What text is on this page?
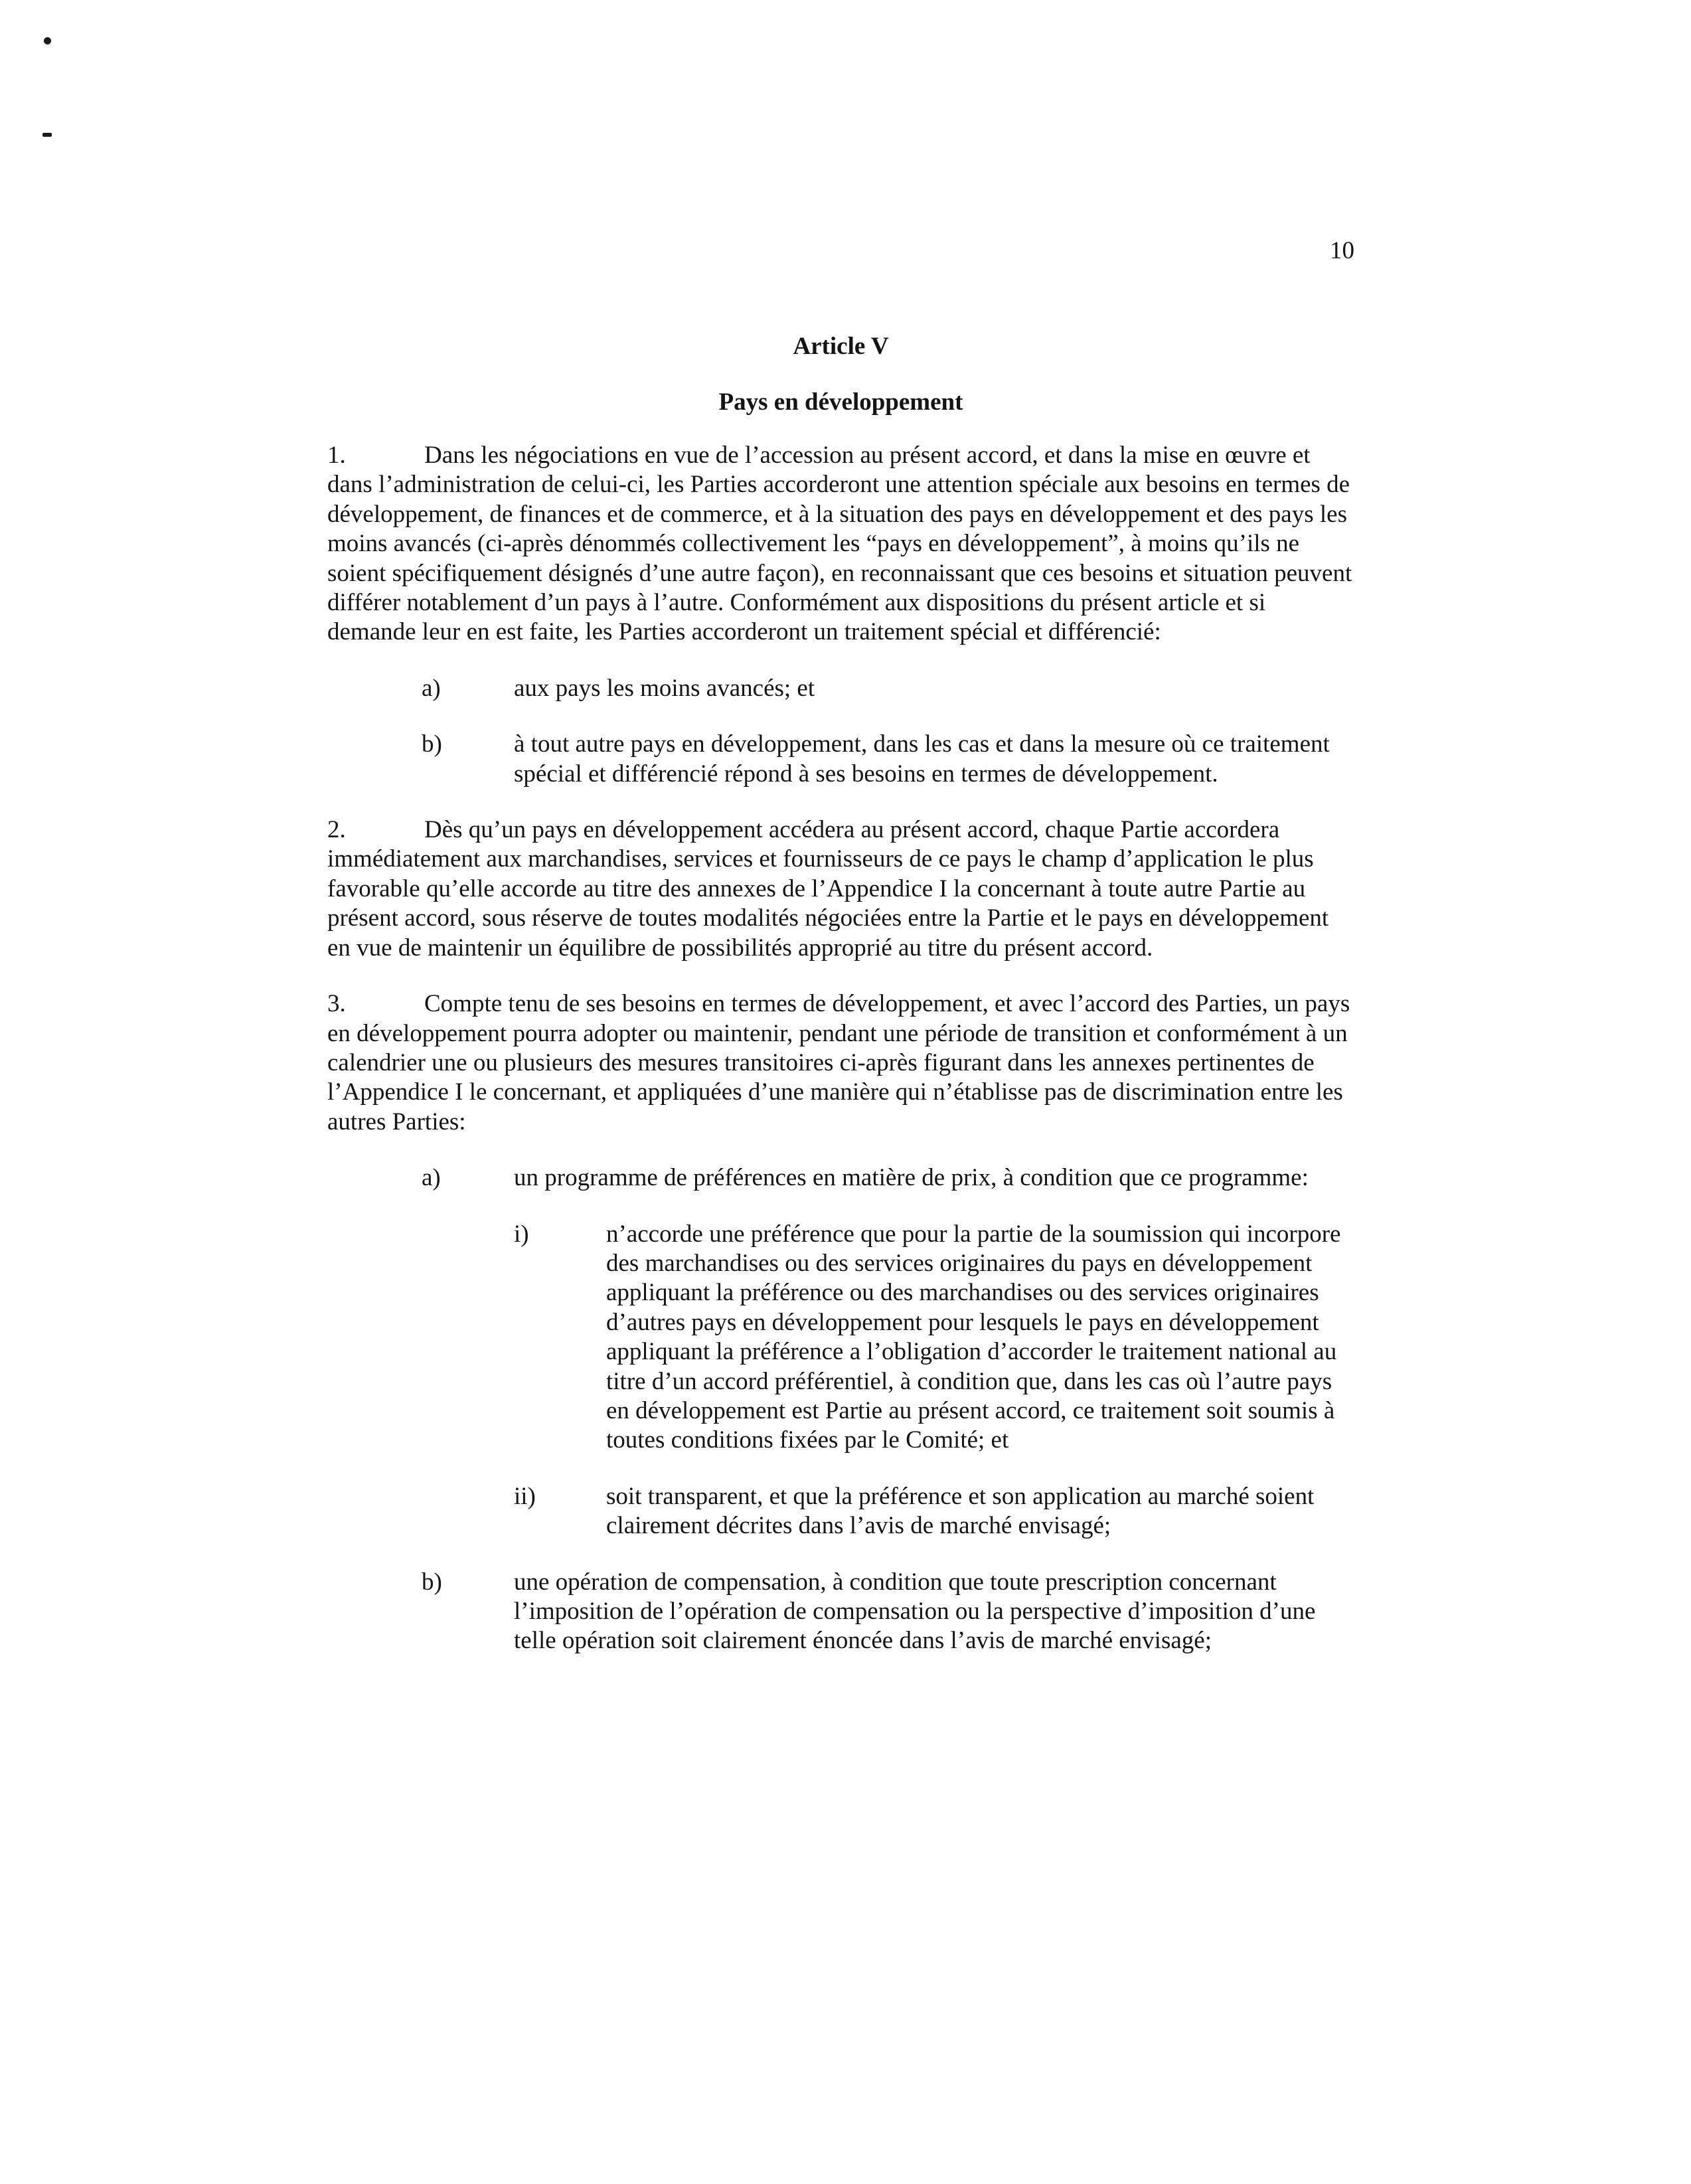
10
Article V
Pays en développement

1.	Dans les négociations en vue de l’accession au présent accord, et dans la mise en œuvre et dans l’administration de celui-ci, les Parties accorderont une attention spéciale aux besoins en termes de développement, de finances et de commerce, et à la situation des pays en développement et des pays les moins avancés (ci-après dénommés collectivement les “pays en développement”, à moins qu’ils ne soient spécifiquement désignés d’une autre façon), en reconnaissant que ces besoins et situation peuvent différer notablement d’un pays à l’autre. Conformément aux dispositions du présent article et si demande leur en est faite, les Parties accorderont un traitement spécial et différencié:

a)	aux pays les moins avancés; et
b)	à tout autre pays en développement, dans les cas et dans la mesure où ce traitement spécial et différencié répond à ses besoins en termes de développement.

2.	Dès qu’un pays en développement accédera au présent accord, chaque Partie accordera immédiatement aux marchandises, services et fournisseurs de ce pays le champ d’application le plus favorable qu’elle accorde au titre des annexes de l’Appendice I la concernant à toute autre Partie au présent accord, sous réserve de toutes modalités négociées entre la Partie et le pays en développement en vue de maintenir un équilibre de possibilités approprié au titre du présent accord.

3.	Compte tenu de ses besoins en termes de développement, et avec l’accord des Parties, un pays en développement pourra adopter ou maintenir, pendant une période de transition et conformément à un calendrier une ou plusieurs des mesures transitoires ci-après figurant dans les annexes pertinentes de l’Appendice I le concernant, et appliquées d’une manière qui n’établisse pas de discrimination entre les autres Parties:

a)	un programme de préférences en matière de prix, à condition que ce programme:
i)	n’accorde une préférence que pour la partie de la soumission qui incorpore des marchandises ou des services originaires du pays en développement appliquant la préférence ou des marchandises ou des services originaires d’autres pays en développement pour lesquels le pays en développement appliquant la préférence a l’obligation d’accorder le traitement national au titre d’un accord préférentiel, à condition que, dans les cas où l’autre pays en développement est Partie au présent accord, ce traitement soit soumis à toutes conditions fixées par le Comité; et
ii)	soit transparent, et que la préférence et son application au marché soient clairement décrites dans l’avis de marché envisagé;
b)	une opération de compensation, à condition que toute prescription concernant l’imposition de l’opération de compensation ou la perspective d’imposition d’une telle opération soit clairement énoncée dans l’avis de marché envisagé;
